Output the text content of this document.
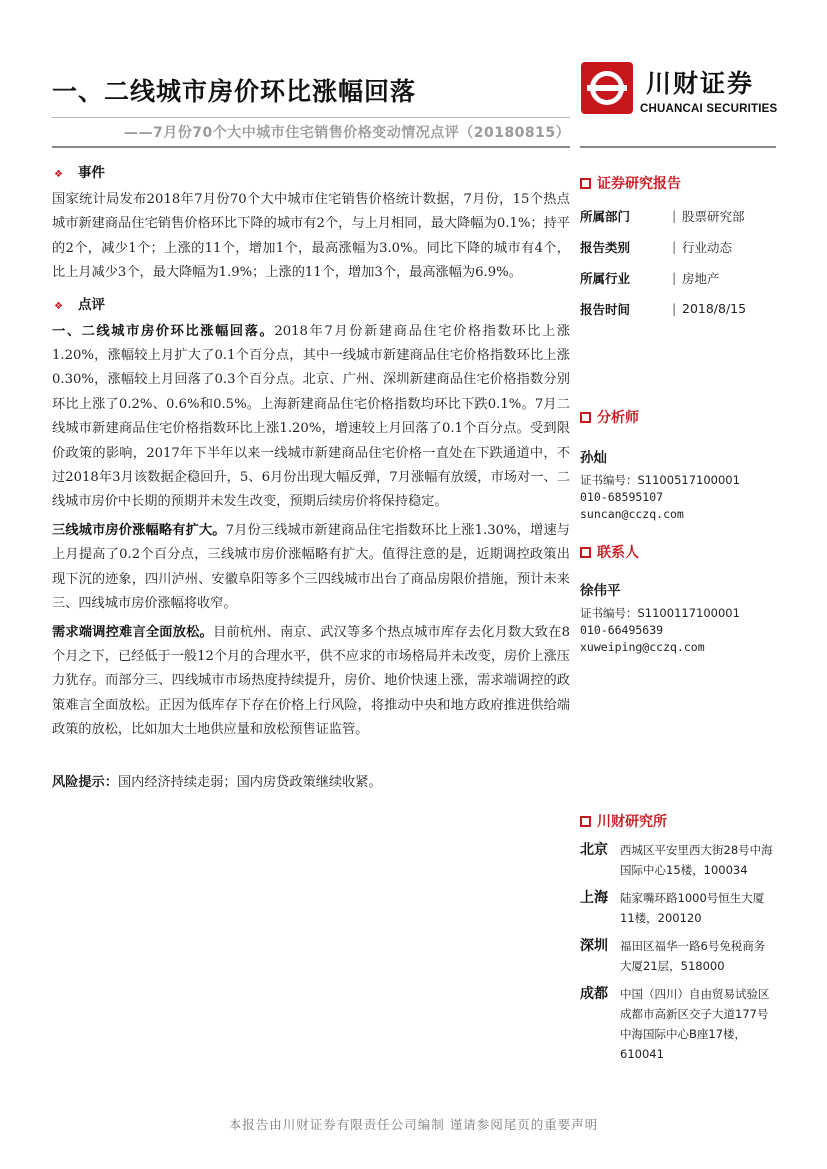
一、二线城市房价环比涨幅回落	川财证券
CHUANCAI SECURITIES
——7月份70个大中城市住宅销售价格变动情况点评（20180815）
❖ 事件

国家统计局发布2018年7月份70个大中城市住宅销售价格统计数据，7月份，15个热点城市新建商品住宅销售价格环比下降的城市有2个，与上月相同，最大降幅为0.1%；持平的2个，减少1个；上涨的11个，增加1个，最高涨幅为3.0%。同比下降的城市有4个，比上月减少3个，最大降幅为1.9%；上涨的11个，增加3个，最高涨幅为6.9%。

❖ 点评

一、二线城市房价环比涨幅回落。2018年7月份新建商品住宅价格指数环比上涨1.20%，涨幅较上月扩大了0.1个百分点，其中一线城市新建商品住宅价格指数环比上涨0.30%，涨幅较上月回落了0.3个百分点。北京、广州、深圳新建商品住宅价格指数分别环比上涨了0.2%、0.6%和0.5%。上海新建商品住宅价格指数均环比下跌0.1%。7月二线城市新建商品住宅价格指数环比上涨1.20%，增速较上月回落了0.1个百分点。受到限价政策的影响，2017年下半年以来一线城市新建商品住宅价格一直处在下跌通道中，不过2018年3月该数据企稳回升，5、6月份出现大幅反弹，7月涨幅有放缓，市场对一、二线城市房价中长期的预期并未发生改变，预期后续房价将保持稳定。

三线城市房价涨幅略有扩大。7月份三线城市新建商品住宅指数环比上涨1.30%，增速与上月提高了0.2个百分点，三线城市房价涨幅略有扩大。值得注意的是，近期调控政策出现下沉的迹象，四川泸州、安徽阜阳等多个三四线城市出台了商品房限价措施，预计未来三、四线城市房价涨幅将收窄。

需求端调控难言全面放松。目前杭州、南京、武汉等多个热点城市库存去化月数大致在8个月之下，已经低于一般12个月的合理水平，供不应求的市场格局并未改变，房价上涨压力犹存。而部分三、四线城市市场热度持续提升，房价、地价快速上涨，需求端调控的政策难言全面放松。正因为低库存下存在价格上行风险，将推动中央和地方政府推进供给端政策的放松，比如加大土地供应量和放松预售证监管。

风险提示：国内经济持续走弱；国内房贷政策继续收紧。

证券研究报告
所属部门	| 股票研究部
报告类别	| 行业动态
所属行业	| 房地产
报告时间	| 2018/8/15
分析师
孙灿
证书编号：S1100517100001
010-68595107
suncan@cczq.com
联系人
徐伟平
证书编号：S1100117100001
010-66495639
xuweiping@cczq.com
川财研究所
北京	西城区平安里西大街28号中海国际中心15楼，100034
上海	陆家嘴环路1000号恒生大厦11楼，200120
深圳	福田区福华一路6号免税商务大厦21层，518000
成都	中国（四川）自由贸易试验区成都市高新区交子大道177号中海国际中心B座17楼，610041
本报告由川财证券有限责任公司编制 谨请参阅尾页的重要声明
